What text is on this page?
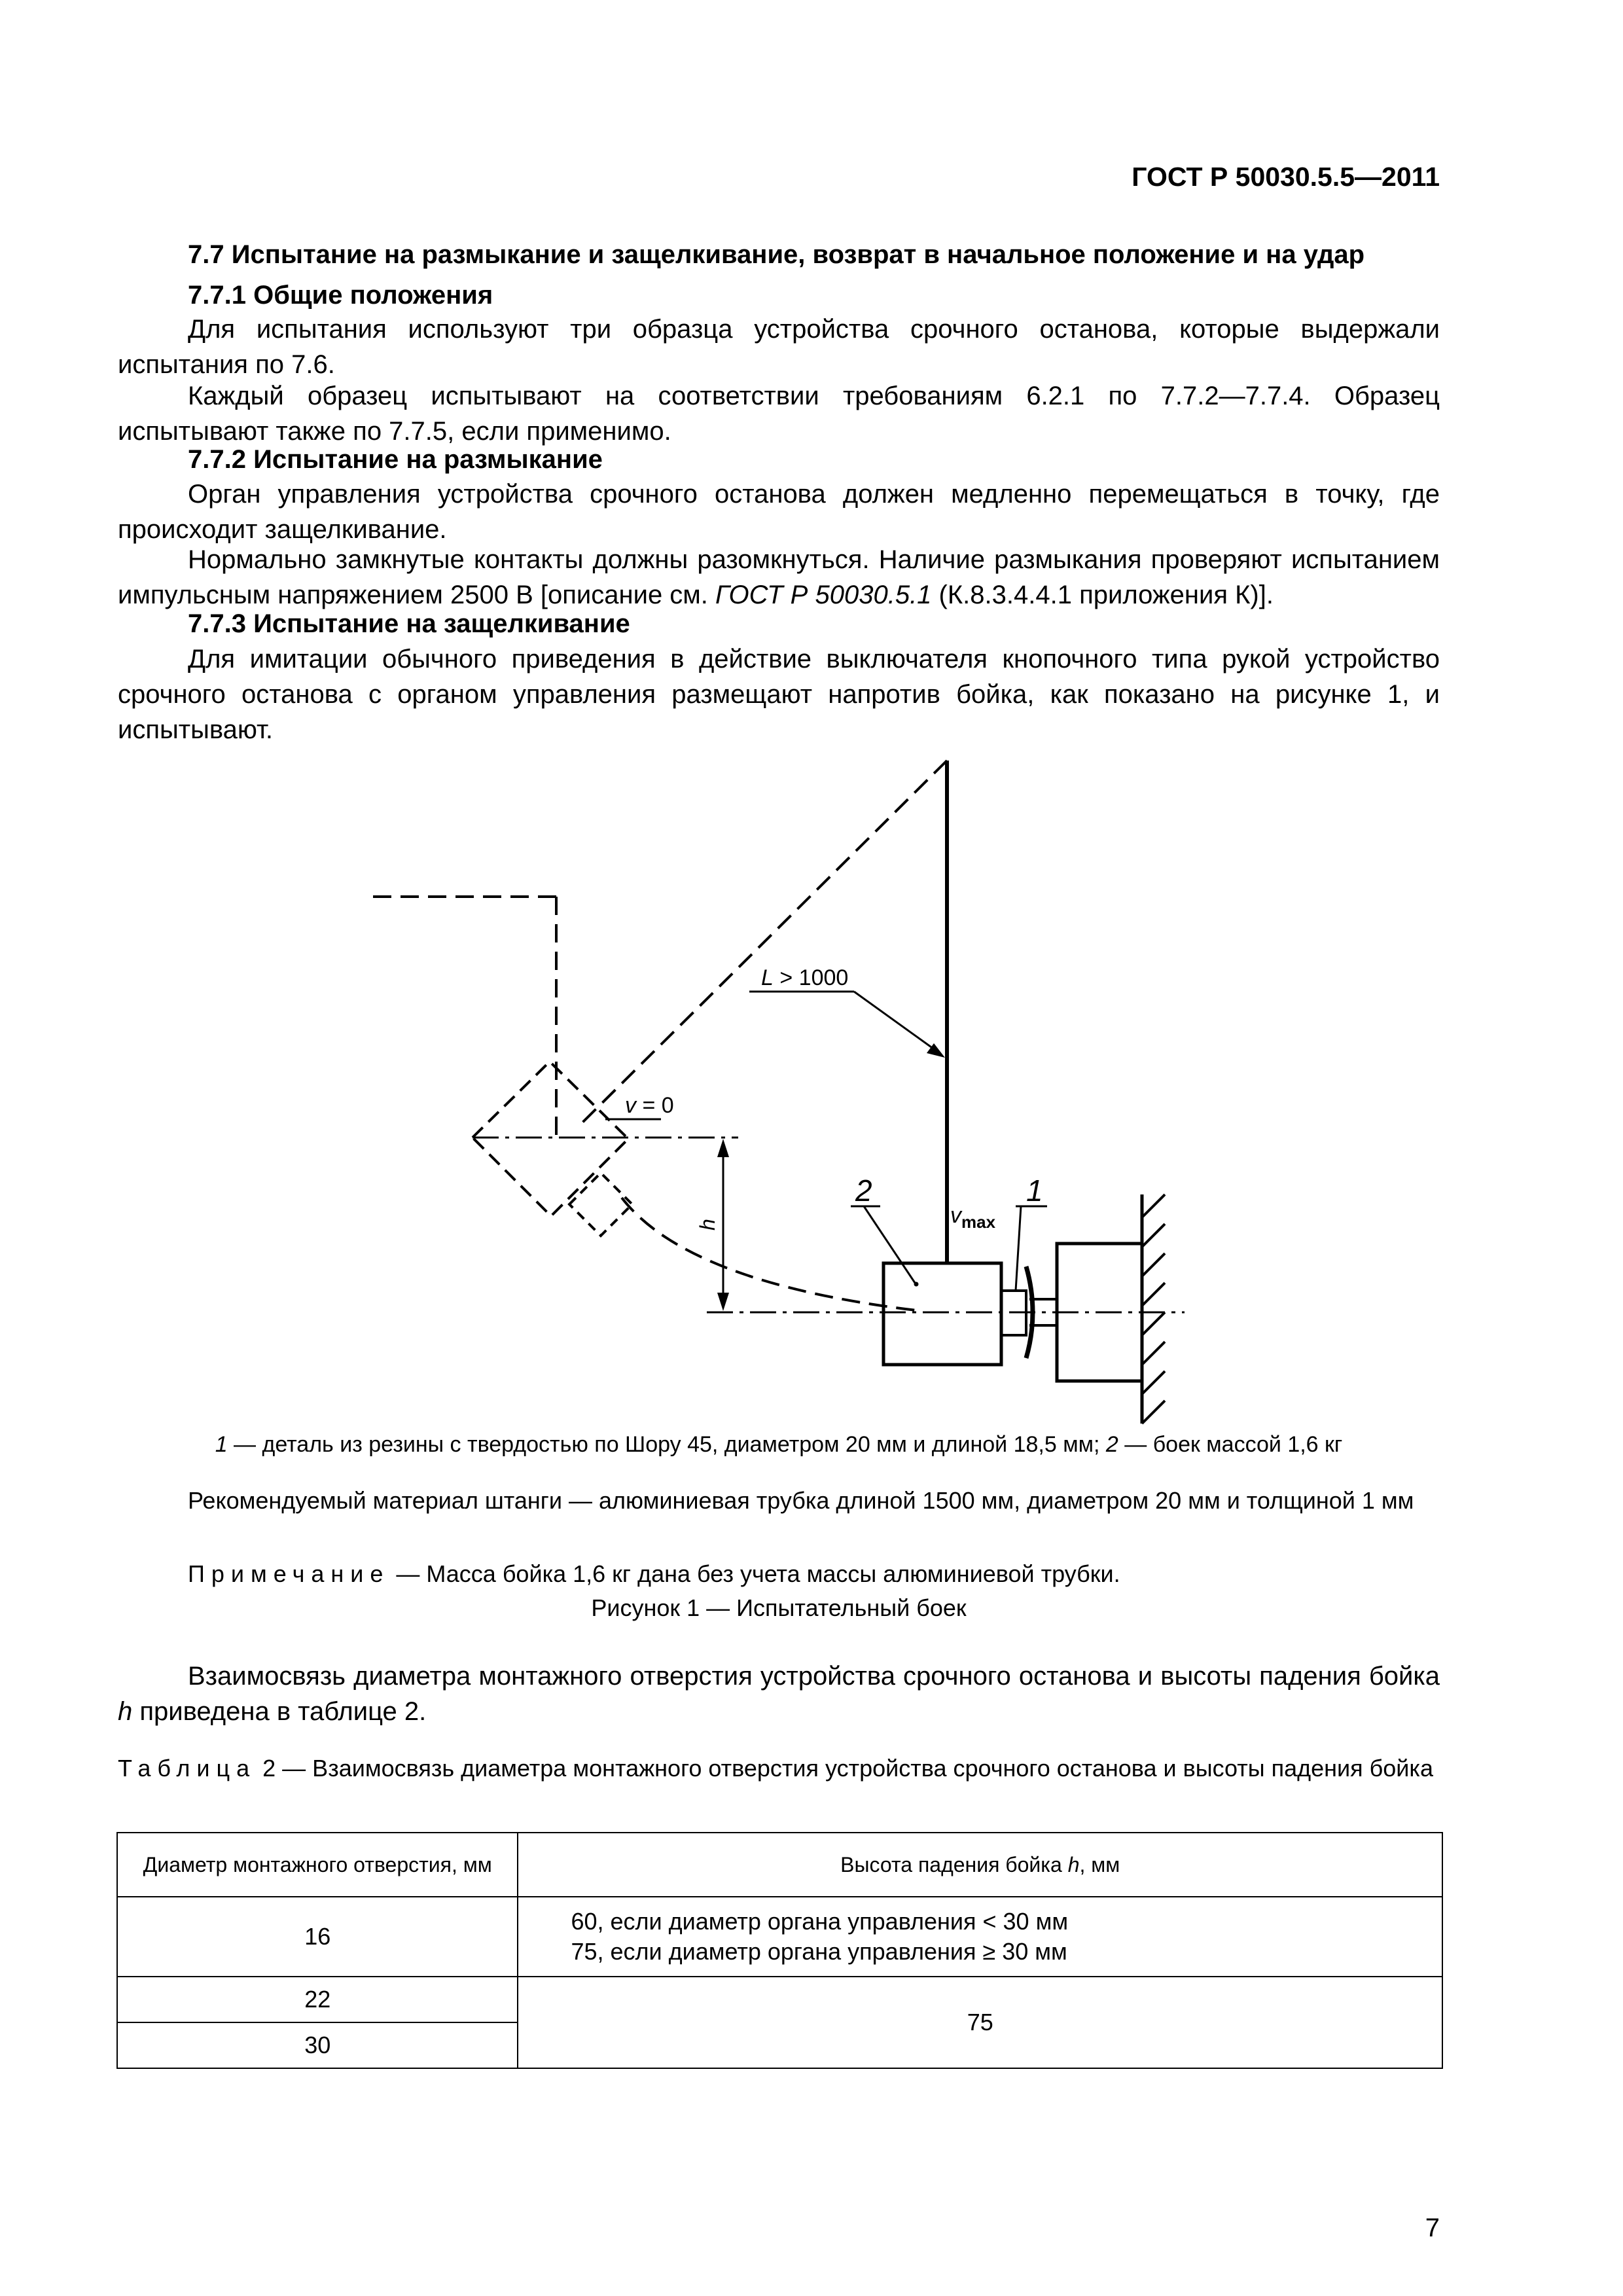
ГОСТ Р 50030.5.5—2011
7.7 Испытание на размыкание и защелкивание, возврат в начальное положение и на удар
7.7.1 Общие положения
Для испытания используют три образца устройства срочного останова, которые выдержали испытания по 7.6.
Каждый образец испытывают на соответствии требованиям 6.2.1 по 7.7.2—7.7.4. Образец испытывают также по 7.7.5, если применимо.
7.7.2 Испытание на размыкание
Орган управления устройства срочного останова должен медленно перемещаться в точку, где происходит защелкивание.
Нормально замкнутые контакты должны разомкнуться. Наличие размыкания проверяют испытанием импульсным напряжением 2500 В [описание см. ГОСТ Р 50030.5.1 (К.8.3.4.4.1 приложения К)].
7.7.3 Испытание на защелкивание
Для имитации обычного приведения в действие выключателя кнопочного типа рукой устройство срочного останова с органом управления размещают напротив бойка, как показано на рисунке 1, и испытывают.
L > 1000
v = 0
h	$v_{max}$
2	1
1 — деталь из резины с твердостью по Шору 45, диаметром 20 мм и длиной 18,5 мм; 2 — боек массой 1,6 кг
Рекомендуемый материал штанги — алюминиевая трубка длиной 1500 мм, диаметром 20 мм и толщиной 1 мм
Примечание — Масса бойка 1,6 кг дана без учета массы алюминиевой трубки.
Рисунок 1 — Испытательный боек
Взаимосвязь диаметра монтажного отверстия устройства срочного останова и высоты падения бойка h приведена в таблице 2.
Таблица 2 — Взаимосвязь диаметра монтажного отверстия устройства срочного останова и высоты падения бойка
Диаметр монтажного отверстия, мм	Высота падения бойка h, мм
16	60, если диаметр органа управления < 30 мм
75, если диаметр органа управления ≥ 30 мм

22	75
30	
7
